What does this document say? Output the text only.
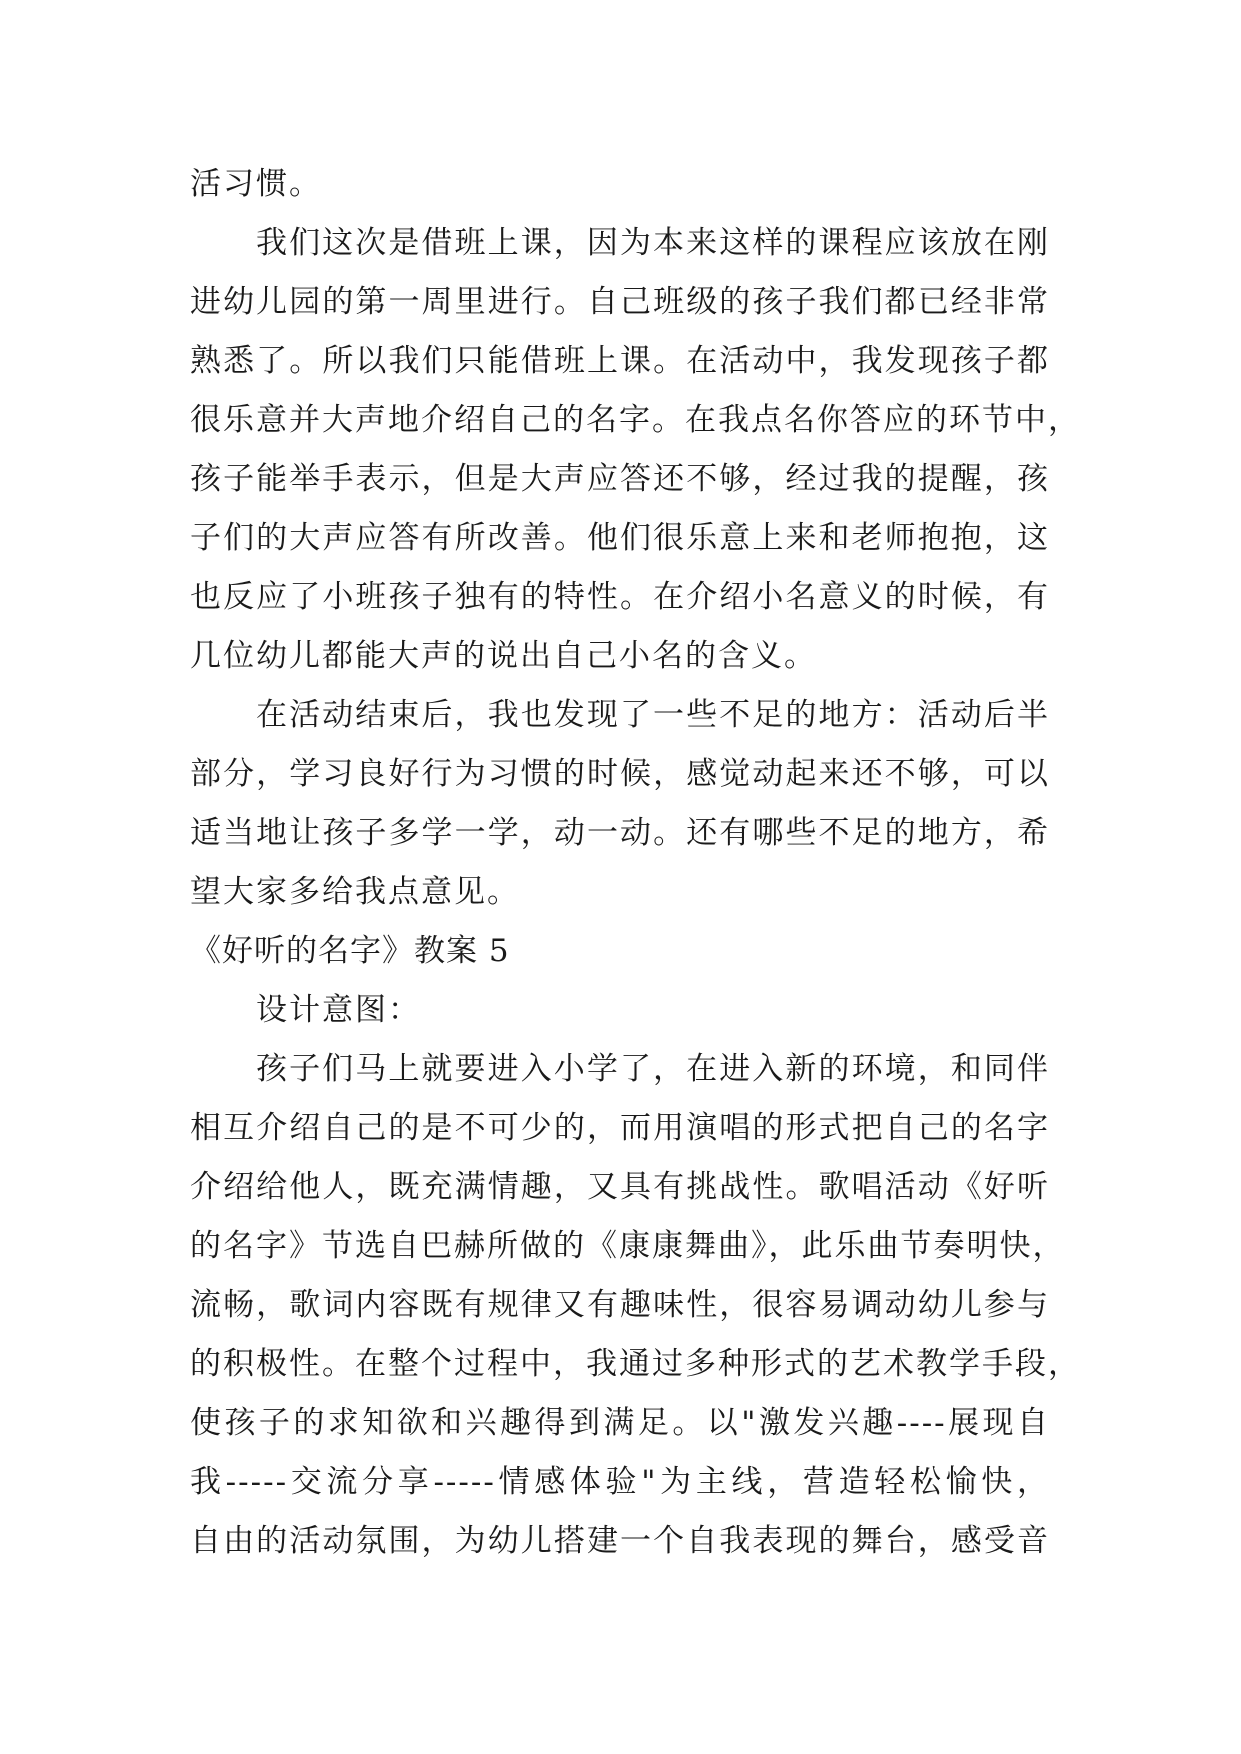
活习惯。
我们这次是借班上课，因为本来这样的课程应该放在刚
进幼儿园的第一周里进行。自己班级的孩子我们都已经非常
熟悉了。所以我们只能借班上课。在活动中，我发现孩子都
很乐意并大声地介绍自己的名字。在我点名你答应的环节中，
孩子能举手表示，但是大声应答还不够，经过我的提醒，孩
子们的大声应答有所改善。他们很乐意上来和老师抱抱，这
也反应了小班孩子独有的特性。在介绍小名意义的时候，有
几位幼儿都能大声的说出自己小名的含义。
在活动结束后，我也发现了一些不足的地方：活动后半
部分，学习良好行为习惯的时候，感觉动起来还不够，可以
适当地让孩子多学一学，动一动。还有哪些不足的地方，希
望大家多给我点意见。
《好听的名字》教案 5
设计意图：
孩子们马上就要进入小学了，在进入新的环境，和同伴
相互介绍自己的是不可少的，而用演唱的形式把自己的名字
介绍给他人，既充满情趣，又具有挑战性。歌唱活动《好听
的名字》节选自巴赫所做的《康康舞曲》，此乐曲节奏明快，
流畅，歌词内容既有规律又有趣味性，很容易调动幼儿参与
的积极性。在整个过程中，我通过多种形式的艺术教学手段，
使孩子的求知欲和兴趣得到满足。以"激发兴趣----展现自
我-----交流分享-----情感体验"为主线，营造轻松愉快，
自由的活动氛围，为幼儿搭建一个自我表现的舞台，感受音
